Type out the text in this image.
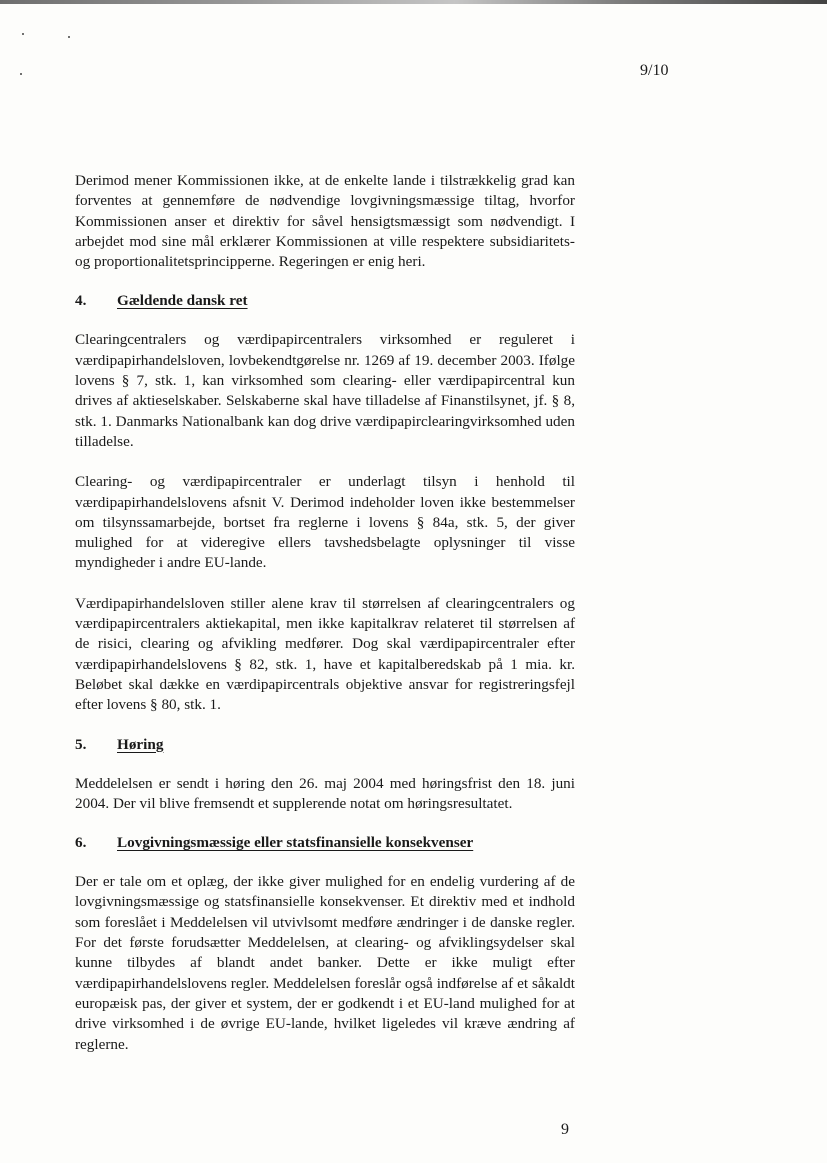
9/10

Derimod mener Kommissionen ikke, at de enkelte lande i tilstrækkelig grad kan forventes at gennemføre de nødvendige lovgivningsmæssige tiltag, hvorfor Kommissionen anser et direktiv for såvel hensigtsmæssigt som nødvendigt. I arbejdet mod sine mål erklærer Kommissionen at ville respektere subsidiaritets- og proportionalitetsprincipperne. Regeringen er enig heri.

4.	Gældende dansk ret

Clearingcentralers og værdipapircentralers virksomhed er reguleret i værdipapirhandelsloven, lovbekendtgørelse nr. 1269 af 19. december 2003. Ifølge lovens § 7, stk. 1, kan virksomhed som clearing- eller værdipapircentral kun drives af aktieselskaber. Selskaberne skal have tilladelse af Finanstilsynet, jf. § 8, stk. 1. Danmarks Nationalbank kan dog drive værdipapirclearingvirksomhed uden tilladelse.

Clearing- og værdipapircentraler er underlagt tilsyn i henhold til værdipapirhandelslovens afsnit V. Derimod indeholder loven ikke bestemmelser om tilsynssamarbejde, bortset fra reglerne i lovens § 84a, stk. 5, der giver mulighed for at videregive ellers tavshedsbelagte oplysninger til visse myndigheder i andre EU-lande.

Værdipapirhandelsloven stiller alene krav til størrelsen af clearingcentralers og værdipapircentralers aktiekapital, men ikke kapitalkrav relateret til størrelsen af de risici, clearing og afvikling medfører. Dog skal værdipapircentraler efter værdipapirhandelslovens § 82, stk. 1, have et kapitalberedskab på 1 mia. kr. Beløbet skal dække en værdipapircentrals objektive ansvar for registreringsfejl efter lovens § 80, stk. 1.

5.	Høring

Meddelelsen er sendt i høring den 26. maj 2004 med høringsfrist den 18. juni 2004. Der vil blive fremsendt et supplerende notat om høringsresultatet.

6.	Lovgivningsmæssige eller statsfinansielle konsekvenser

Der er tale om et oplæg, der ikke giver mulighed for en endelig vurdering af de lovgivningsmæssige og statsfinansielle konsekvenser. Et direktiv med et indhold som foreslået i Meddelelsen vil utvivlsomt medføre ændringer i de danske regler. For det første forudsætter Meddelelsen, at clearing- og afviklingsydelser skal kunne tilbydes af blandt andet banker. Dette er ikke muligt efter værdipapirhandelslovens regler. Meddelelsen foreslår også indførelse af et såkaldt europæisk pas, der giver et system, der er godkendt i et EU-land mulighed for at drive virksomhed i de øvrige EU-lande, hvilket ligeledes vil kræve ændring af reglerne.

9
